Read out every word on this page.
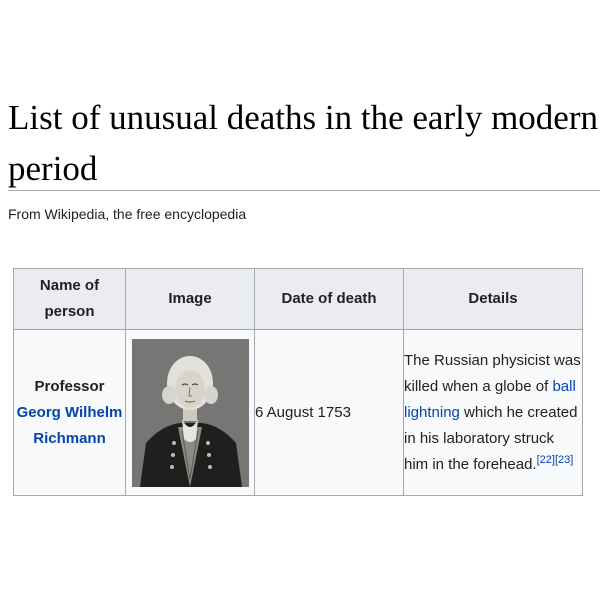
List of unusual deaths in the early modern period
From Wikipedia, the free encyclopedia
Name of person	Image	Date of death	Details
Professor
Georg Wilhelm Richmann		6 August 1753	The Russian physicist was killed when a globe of ball lightning which he created in his laboratory struck him in the forehead.[22][23]
